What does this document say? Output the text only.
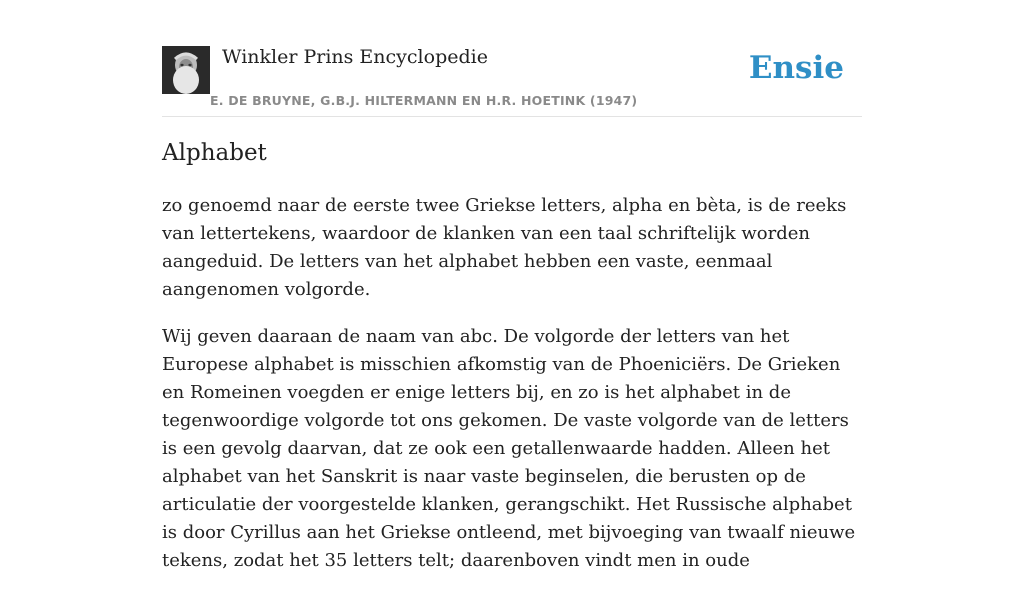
Winkler Prins Encyclopedie
E. DE BRUYNE, G.B.J. HILTERMANN EN H.R. HOETINK (1947)
Ensie
Alphabet

zo genoemd naar de eerste twee Griekse letters, alpha en bèta, is de reeks van lettertekens, waardoor de klanken van een taal schriftelijk worden aangeduid. De letters van het alphabet hebben een vaste, eenmaal aangenomen volgorde.

Wij geven daaraan de naam van abc. De volgorde der letters van het Europese alphabet is misschien afkomstig van de Phoeniciërs. De Grieken en Romeinen voegden er enige letters bij, en zo is het alphabet in de tegenwoordige volgorde tot ons gekomen. De vaste volgorde van de letters is een gevolg daarvan, dat ze ook een getallenwaarde hadden. Alleen het alphabet van het Sanskrit is naar vaste beginselen, die berusten op de articulatie der voorgestelde klanken, gerangschikt. Het Russische alphabet is door Cyrillus aan het Griekse ontleend, met bijvoeging van twaalf nieuwe tekens, zodat het 35 letters telt; daarenboven vindt men in oude
